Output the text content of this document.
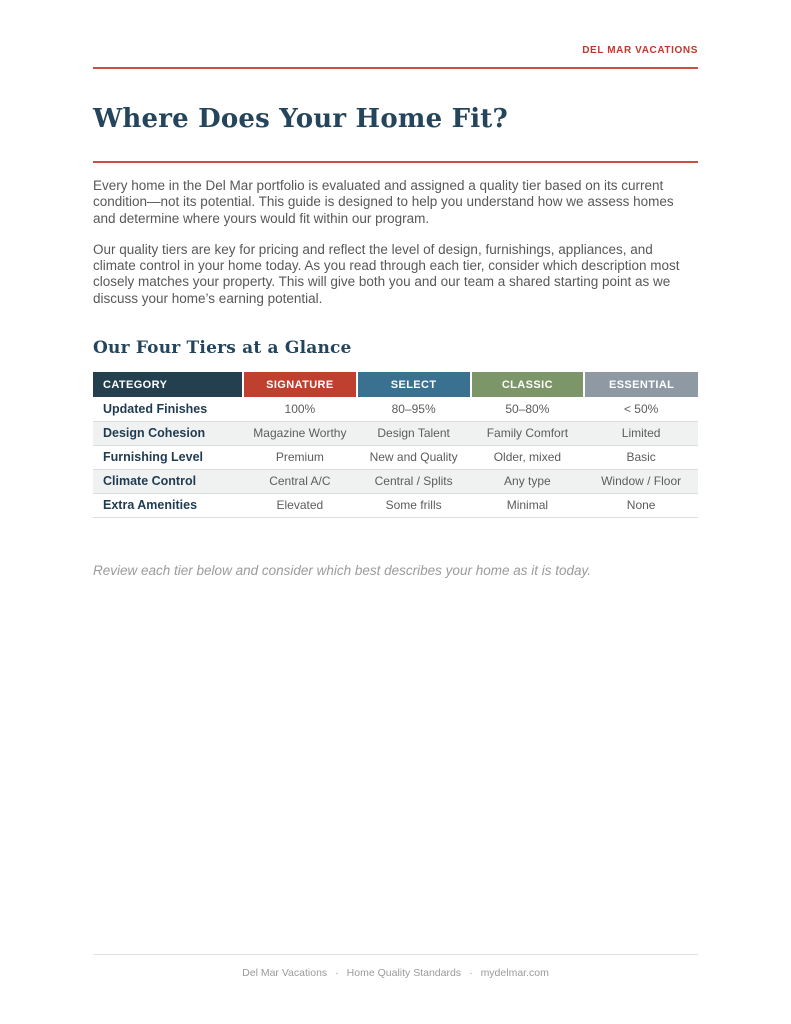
DEL MAR VACATIONS
Where Does Your Home Fit?

Every home in the Del Mar portfolio is evaluated and assigned a quality tier based on its current condition—not its potential. This guide is designed to help you understand how we assess homes and determine where yours would fit within our program.

Our quality tiers are key for pricing and reflect the level of design, furnishings, appliances, and climate control in your home today. As you read through each tier, consider which description most closely matches your property. This will give both you and our team a shared starting point as we discuss your home’s earning potential.

Our Four Tiers at a Glance
CATEGORY	SIGNATURE	SELECT	CLASSIC	ESSENTIAL
Updated Finishes	100%	80–95%	50–80%	< 50%
Design Cohesion	Magazine Worthy	Design Talent	Family Comfort	Limited
Furnishing Level	Premium	New and Quality	Older, mixed	Basic
Climate Control	Central A/C	Central / Splits	Any type	Window / Floor
Extra Amenities	Elevated	Some frills	Minimal	None

Review each tier below and consider which best describes your home as it is today.

Del Mar Vacations · Home Quality Standards · mydelmar.com
